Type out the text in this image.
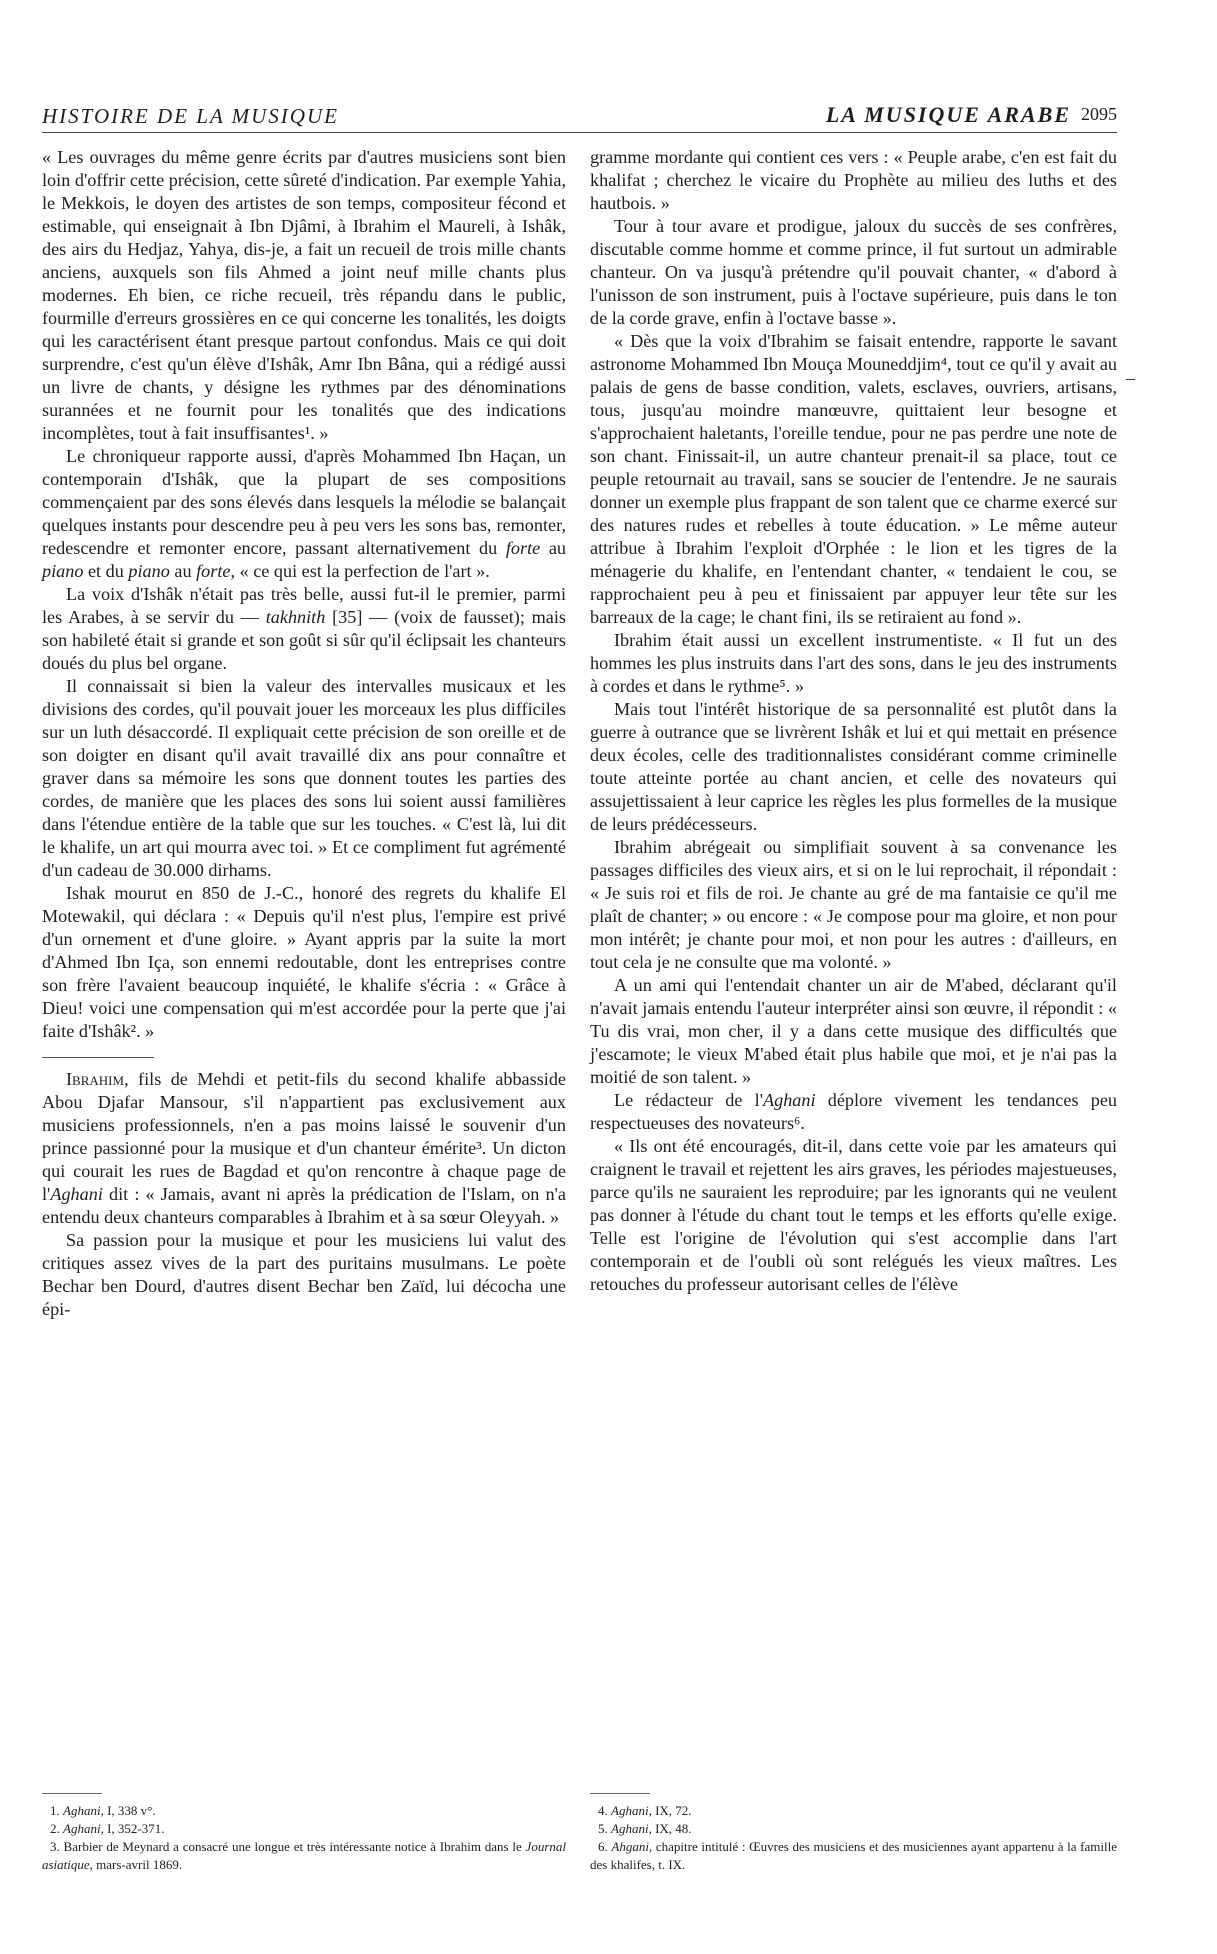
HISTOIRE DE LA MUSIQUE	LA MUSIQUE ARABE 2095

« Les ouvrages du même genre écrits par d'autres musiciens sont bien loin d'offrir cette précision, cette sûreté d'indication. Par exemple Yahia, le Mekkois, le doyen des artistes de son temps, compositeur fécond et estimable, qui enseignait à Ibn Djâmi, à Ibrahim el Maureli, à Ishâk, des airs du Hedjaz, Yahya, dis-je, a fait un recueil de trois mille chants anciens, auxquels son fils Ahmed a joint neuf mille chants plus modernes. Eh bien, ce riche recueil, très répandu dans le public, fourmille d'erreurs grossières en ce qui concerne les tonalités, les doigts qui les caractérisent étant presque partout confondus. Mais ce qui doit surprendre, c'est qu'un élève d'Ishâk, Amr Ibn Bâna, qui a rédigé aussi un livre de chants, y désigne les rythmes par des dénominations surannées et ne fournit pour les tonalités que des indications incomplètes, tout à fait insuffisantes¹. »

Le chroniqueur rapporte aussi, d'après Mohammed Ibn Haçan, un contemporain d'Ishâk, que la plupart de ses compositions commençaient par des sons élevés dans lesquels la mélodie se balançait quelques instants pour descendre peu à peu vers les sons bas, remonter, redescendre et remonter encore, passant alternativement du forte au piano et du piano au forte, « ce qui est la perfection de l'art ».

La voix d'Ishâk n'était pas très belle, aussi fut-il le premier, parmi les Arabes, à se servir du — takhnith [35] — (voix de fausset); mais son habileté était si grande et son goût si sûr qu'il éclipsait les chanteurs doués du plus bel organe.

Il connaissait si bien la valeur des intervalles musicaux et les divisions des cordes, qu'il pouvait jouer les morceaux les plus difficiles sur un luth désaccordé. Il expliquait cette précision de son oreille et de son doigter en disant qu'il avait travaillé dix ans pour connaître et graver dans sa mémoire les sons que donnent toutes les parties des cordes, de manière que les places des sons lui soient aussi familières dans l'étendue entière de la table que sur les touches. « C'est là, lui dit le khalife, un art qui mourra avec toi. » Et ce compliment fut agrémenté d'un cadeau de 30.000 dirhams.

Ishak mourut en 850 de J.-C., honoré des regrets du khalife El Motewakil, qui déclara : « Depuis qu'il n'est plus, l'empire est privé d'un ornement et d'une gloire. » Ayant appris par la suite la mort d'Ahmed Ibn Iça, son ennemi redoutable, dont les entreprises contre son frère l'avaient beaucoup inquiété, le khalife s'écria : « Grâce à Dieu! voici une compensation qui m'est accordée pour la perte que j'ai faite d'Ishâk². »

Ibrahim, fils de Mehdi et petit-fils du second khalife abbasside Abou Djafar Mansour, s'il n'appartient pas exclusivement aux musiciens professionnels, n'en a pas moins laissé le souvenir d'un prince passionné pour la musique et d'un chanteur émérite³. Un dicton qui courait les rues de Bagdad et qu'on rencontre à chaque page de l'Aghani dit : « Jamais, avant ni après la prédication de l'Islam, on n'a entendu deux chanteurs comparables à Ibrahim et à sa sœur Oleyyah. »

Sa passion pour la musique et pour les musiciens lui valut des critiques assez vives de la part des puritains musulmans. Le poète Bechar ben Dourd, d'autres disent Bechar ben Zaïd, lui décocha une épi-

gramme mordante qui contient ces vers : « Peuple arabe, c'en est fait du khalifat ; cherchez le vicaire du Prophète au milieu des luths et des hautbois. »

Tour à tour avare et prodigue, jaloux du succès de ses confrères, discutable comme homme et comme prince, il fut surtout un admirable chanteur. On va jusqu'à prétendre qu'il pouvait chanter, « d'abord à l'unisson de son instrument, puis à l'octave supérieure, puis dans le ton de la corde grave, enfin à l'octave basse ».

« Dès que la voix d'Ibrahim se faisait entendre, rapporte le savant astronome Mohammed Ibn Mouça Mouneddjim⁴, tout ce qu'il y avait au palais de gens de basse condition, valets, esclaves, ouvriers, artisans, tous, jusqu'au moindre manœuvre, quittaient leur besogne et s'approchaient haletants, l'oreille tendue, pour ne pas perdre une note de son chant. Finissait-il, un autre chanteur prenait-il sa place, tout ce peuple retournait au travail, sans se soucier de l'entendre. Je ne saurais donner un exemple plus frappant de son talent que ce charme exercé sur des natures rudes et rebelles à toute éducation. » Le même auteur attribue à Ibrahim l'exploit d'Orphée : le lion et les tigres de la ménagerie du khalife, en l'entendant chanter, « tendaient le cou, se rapprochaient peu à peu et finissaient par appuyer leur tête sur les barreaux de la cage; le chant fini, ils se retiraient au fond ».

Ibrahim était aussi un excellent instrumentiste. « Il fut un des hommes les plus instruits dans l'art des sons, dans le jeu des instruments à cordes et dans le rythme⁵. »

Mais tout l'intérêt historique de sa personnalité est plutôt dans la guerre à outrance que se livrèrent Ishâk et lui et qui mettait en présence deux écoles, celle des traditionnalistes considérant comme criminelle toute atteinte portée au chant ancien, et celle des novateurs qui assujettissaient à leur caprice les règles les plus formelles de la musique de leurs prédécesseurs.

Ibrahim abrégeait ou simplifiait souvent à sa convenance les passages difficiles des vieux airs, et si on le lui reprochait, il répondait : « Je suis roi et fils de roi. Je chante au gré de ma fantaisie ce qu'il me plaît de chanter; » ou encore : « Je compose pour ma gloire, et non pour mon intérêt; je chante pour moi, et non pour les autres : d'ailleurs, en tout cela je ne consulte que ma volonté. »

A un ami qui l'entendait chanter un air de M'abed, déclarant qu'il n'avait jamais entendu l'auteur interpréter ainsi son œuvre, il répondit : « Tu dis vrai, mon cher, il y a dans cette musique des difficultés que j'escamote; le vieux M'abed était plus habile que moi, et je n'ai pas la moitié de son talent. »

Le rédacteur de l'Aghani déplore vivement les tendances peu respectueuses des novateurs⁶.

« Ils ont été encouragés, dit-il, dans cette voie par les amateurs qui craignent le travail et rejettent les airs graves, les périodes majestueuses, parce qu'ils ne sauraient les reproduire; par les ignorants qui ne veulent pas donner à l'étude du chant tout le temps et les efforts qu'elle exige. Telle est l'origine de l'évolution qui s'est accomplie dans l'art contemporain et de l'oubli où sont relégués les vieux maîtres. Les retouches du professeur autorisant celles de l'élève

–
1. Aghani, I, 338 v°.
2. Aghani, I, 352-371.
3. Barbier de Meynard a consacré une longue et très intéressante notice à Ibrahim dans le Journal asiatique, mars-avril 1869.
4. Aghani, IX, 72.
5. Aghani, IX, 48.
6. Ahgani, chapitre intitulé : Œuvres des musiciens et des musiciennes ayant appartenu à la famille des khalifes, t. IX.
